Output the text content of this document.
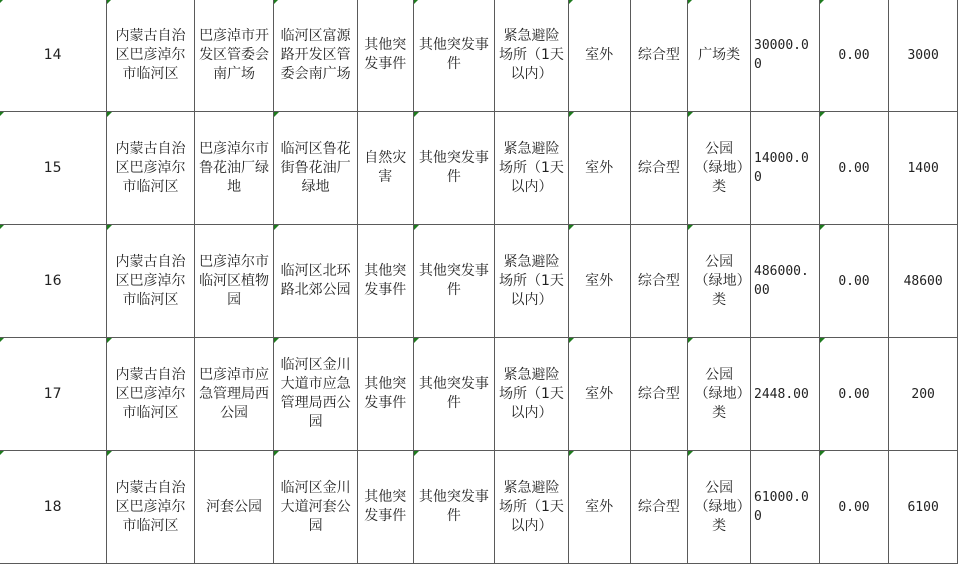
14	内蒙古自治区巴彦淖尔市临河区	巴彦淖市开发区管委会南广场	临河区富源路开发区管委会南广场	其他突发事件	其他突发事件	紧急避险场所（1天以内）	室外	综合型	广场类	30000.00	0.00	3000
15	内蒙古自治区巴彦淖尔市临河区	巴彦淖尔市鲁花油厂绿地	临河区鲁花街鲁花油厂绿地	自然灾害	其他突发事件	紧急避险场所（1天以内）	室外	综合型	公园（绿地）类	14000.00	0.00	1400
16	内蒙古自治区巴彦淖尔市临河区	巴彦淖尔市临河区植物园	临河区北环路北郊公园	其他突发事件	其他突发事件	紧急避险场所（1天以内）	室外	综合型	公园（绿地）类	486000.00	0.00	48600
17	内蒙古自治区巴彦淖尔市临河区	巴彦淖市应急管理局西公园	临河区金川大道市应急管理局西公园	其他突发事件	其他突发事件	紧急避险场所（1天以内）	室外	综合型	公园（绿地）类	2448.00	0.00	200
18	内蒙古自治区巴彦淖尔市临河区	河套公园	临河区金川大道河套公园	其他突发事件	其他突发事件	紧急避险场所（1天以内）	室外	综合型	公园（绿地）类	61000.00	0.00	6100
